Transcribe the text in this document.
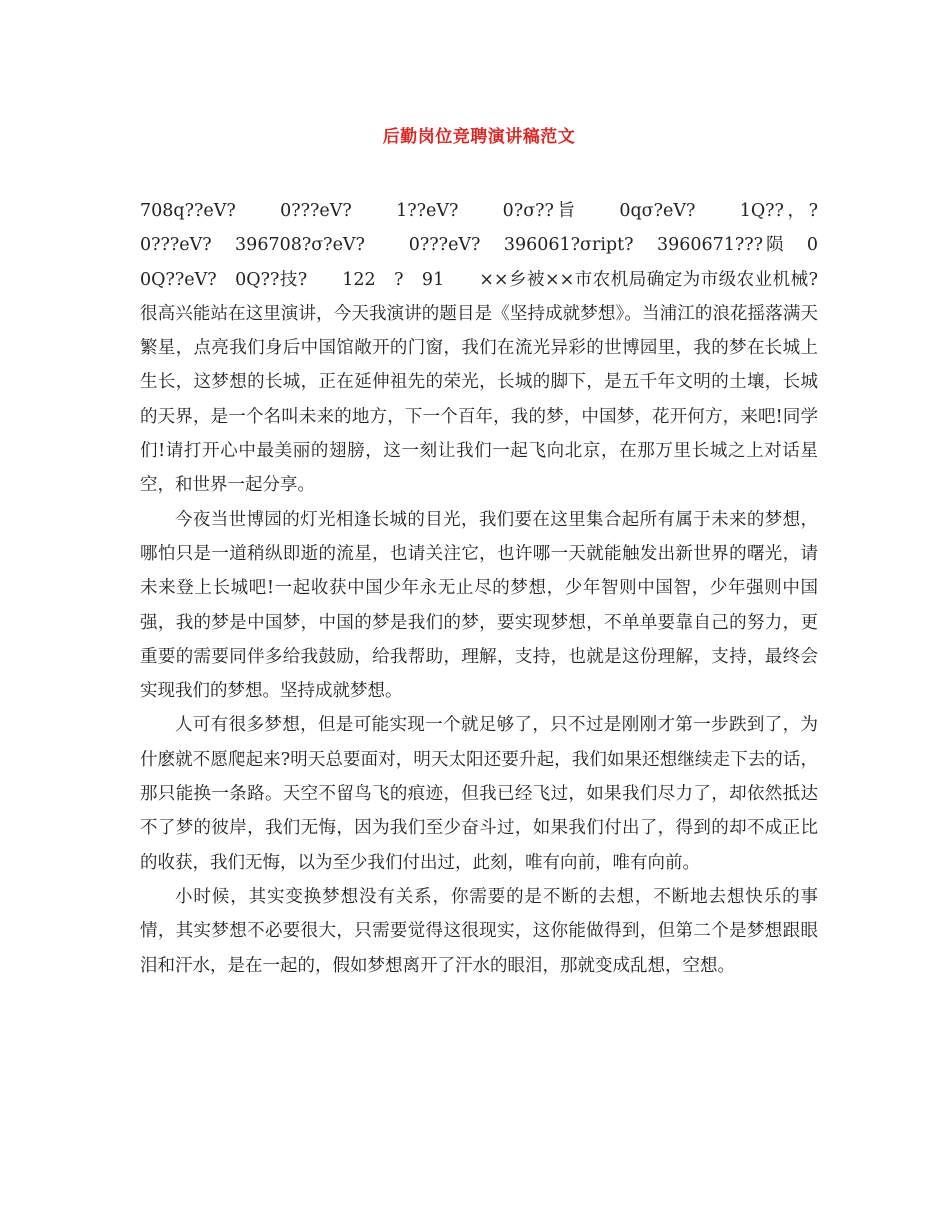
后勤岗位竞聘演讲稿范文

708q??eV?　 0???eV?　 1??eV?　 0?σ??旨　 0qσ?eV?　 1Q??，?　 0???eV?　396708?σ?eV?　　0???eV?　396061?σript?　3960671???陨　0　0Q??eV?　0Q??技?　 122　?　91　 ××乡被××市农机局确定为市级农业机械?　 很高兴能站在这里演讲，今天我演讲的题目是《坚持成就梦想》。当浦江的浪花摇落满天繁星，点亮我们身后中国馆敞开的门窗，我们在流光异彩的世博园里，我的梦在长城上生长，这梦想的长城，正在延伸祖先的荣光，长城的脚下，是五千年文明的土壤，长城的天界，是一个名叫未来的地方，下一个百年，我的梦，中国梦，花开何方，来吧!同学们!请打开心中最美丽的翅膀，这一刻让我们一起飞向北京，在那万里长城之上对话星空，和世界一起分享。

今夜当世博园的灯光相逢长城的目光，我们要在这里集合起所有属于未来的梦想，哪怕只是一道稍纵即逝的流星，也请关注它，也许哪一天就能触发出新世界的曙光，请未来登上长城吧!一起收获中国少年永无止尽的梦想，少年智则中国智，少年强则中国强，我的梦是中国梦，中国的梦是我们的梦，要实现梦想，不单单要靠自己的努力，更重要的需要同伴多给我鼓励，给我帮助，理解，支持，也就是这份理解，支持，最终会实现我们的梦想。坚持成就梦想。

人可有很多梦想，但是可能实现一个就足够了，只不过是刚刚才第一步跌到了，为什麽就不愿爬起来?明天总要面对，明天太阳还要升起，我们如果还想继续走下去的话，那只能换一条路。天空不留鸟飞的痕迹，但我已经飞过，如果我们尽力了，却依然抵达不了梦的彼岸，我们无悔，因为我们至少奋斗过，如果我们付出了，得到的却不成正比的收获，我们无悔，以为至少我们付出过，此刻，唯有向前，唯有向前。

小时候，其实变换梦想没有关系，你需要的是不断的去想，不断地去想快乐的事情，其实梦想不必要很大，只需要觉得这很现实，这你能做得到，但第二个是梦想跟眼泪和汗水，是在一起的，假如梦想离开了汗水的眼泪，那就变成乱想，空想。
